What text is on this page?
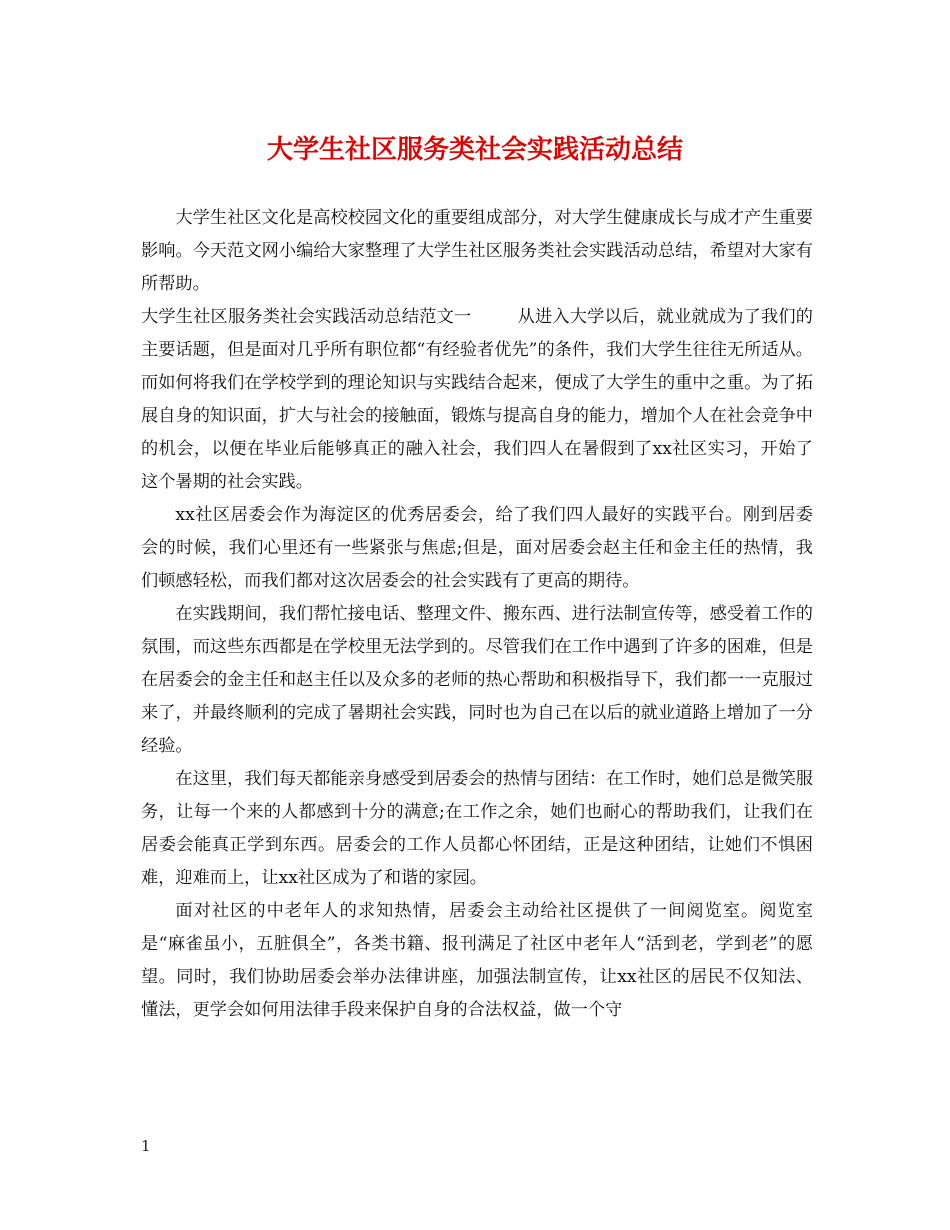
大学生社区服务类社会实践活动总结

大学生社区文化是高校校园文化的重要组成部分，对大学生健康成长与成才产生重要影响。今天范文网小编给大家整理了大学生社区服务类社会实践活动总结，希望对大家有所帮助。

大学生社区服务类社会实践活动总结范文一	从进入大学以后，就业就成为了我们的主要话题，但是面对几乎所有职位都“有经验者优先”的条件，我们大学生往往无所适从。而如何将我们在学校学到的理论知识与实践结合起来，便成了大学生的重中之重。为了拓展自身的知识面，扩大与社会的接触面，锻炼与提高自身的能力，增加个人在社会竞争中的机会，以便在毕业后能够真正的融入社会，我们四人在暑假到了xx社区实习，开始了这个暑期的社会实践。

xx社区居委会作为海淀区的优秀居委会，给了我们四人最好的实践平台。刚到居委会的时候，我们心里还有一些紧张与焦虑;但是，面对居委会赵主任和金主任的热情，我们顿感轻松，而我们都对这次居委会的社会实践有了更高的期待。

在实践期间，我们帮忙接电话、整理文件、搬东西、进行法制宣传等，感受着工作的氛围，而这些东西都是在学校里无法学到的。尽管我们在工作中遇到了许多的困难，但是在居委会的金主任和赵主任以及众多的老师的热心帮助和积极指导下，我们都一一克服过来了，并最终顺利的完成了暑期社会实践，同时也为自己在以后的就业道路上增加了一分经验。

在这里，我们每天都能亲身感受到居委会的热情与团结：在工作时，她们总是微笑服务，让每一个来的人都感到十分的满意;在工作之余，她们也耐心的帮助我们，让我们在居委会能真正学到东西。居委会的工作人员都心怀团结，正是这种团结，让她们不惧困难，迎难而上，让xx社区成为了和谐的家园。

面对社区的中老年人的求知热情，居委会主动给社区提供了一间阅览室。阅览室是“麻雀虽小，五脏俱全”，各类书籍、报刊满足了社区中老年人“活到老，学到老”的愿望。同时，我们协助居委会举办法律讲座，加强法制宣传，让xx社区的居民不仅知法、懂法，更学会如何用法律手段来保护自身的合法权益，做一个守

1
